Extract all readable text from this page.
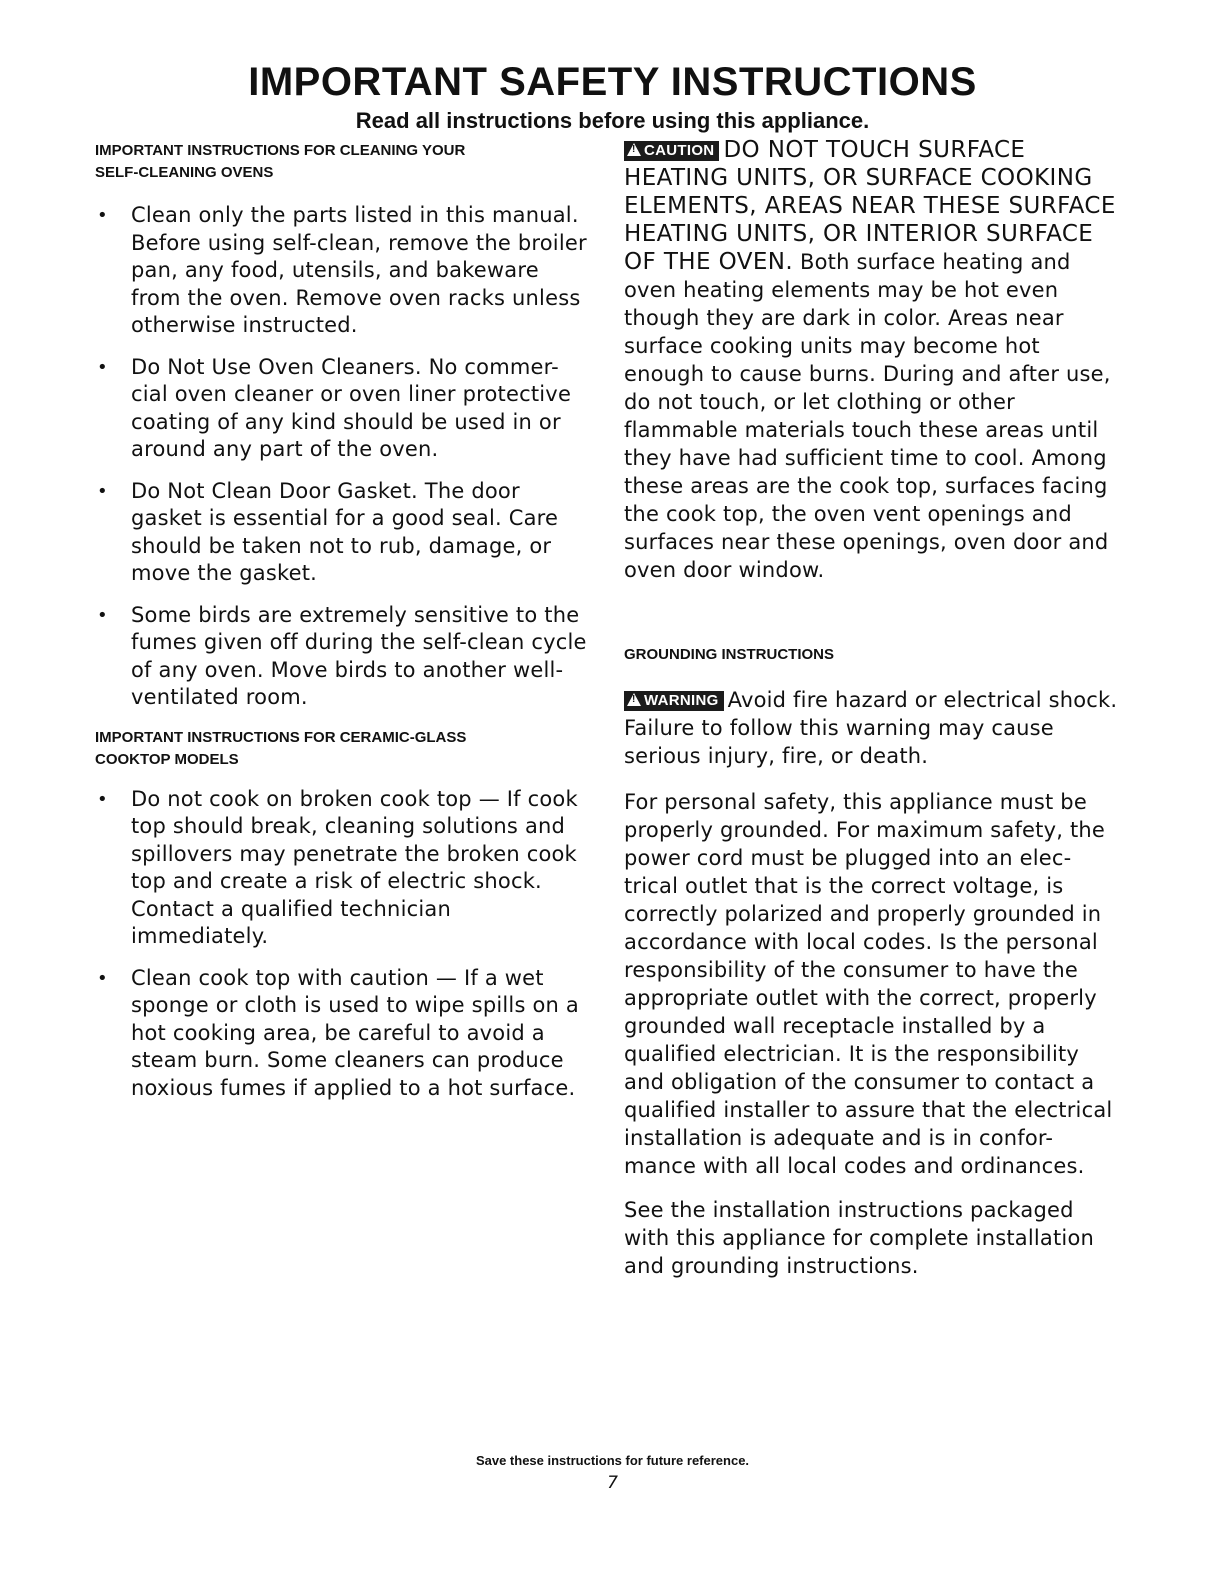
IMPORTANT SAFETY INSTRUCTIONS
Read all instructions before using this appliance.

IMPORTANT INSTRUCTIONS FOR CLEANING YOUR
SELF-CLEANING OVENS

• Clean only the parts listed in this manual. Before using self-clean, remove the broiler pan, any food, utensils, and bakeware from the oven. Remove oven racks unless otherwise instructed.
• Do Not Use Oven Cleaners. No commer-cial oven cleaner or oven liner protective coating of any kind should be used in or around any part of the oven.
• Do Not Clean Door Gasket. The door gasket is essential for a good seal. Care should be taken not to rub, damage, or move the gasket.
• Some birds are extremely sensitive to the fumes given off during the self-clean cycle of any oven. Move birds to another well-ventilated room.

IMPORTANT INSTRUCTIONS FOR CERAMIC-GLASS
COOKTOP MODELS

• Do not cook on broken cook top — If cook top should break, cleaning solutions and spillovers may penetrate the broken cook top and create a risk of electric shock. Contact a qualified technician immediately.
• Clean cook top with caution — If a wet sponge or cloth is used to wipe spills on a hot cooking area, be careful to avoid a steam burn. Some cleaners can produce noxious fumes if applied to a hot surface.

!CAUTION DO NOT TOUCH SURFACE HEATING UNITS, OR SURFACE COOKING ELEMENTS, AREAS NEAR THESE SURFACE HEATING UNITS, OR INTERIOR SURFACE OF THE OVEN. Both surface heating and oven heating elements may be hot even though they are dark in color. Areas near surface cooking units may become hot enough to cause burns. During and after use, do not touch, or let clothing or other flammable materials touch these areas until they have had sufficient time to cool. Among these areas are the cook top, surfaces facing the cook top, the oven vent openings and surfaces near these openings, oven door and oven door window.

GROUNDING INSTRUCTIONS

!WARNING Avoid fire hazard or electrical shock. Failure to follow this warning may cause serious injury, fire, or death.

For personal safety, this appliance must be properly grounded. For maximum safety, the power cord must be plugged into an elec-trical outlet that is the correct voltage, is correctly polarized and properly grounded in accordance with local codes. Is the personal responsibility of the consumer to have the appropriate outlet with the correct, properly grounded wall receptacle installed by a qualified electrician. It is the responsibility and obligation of the consumer to contact a qualified installer to assure that the electrical installation is adequate and is in confor-mance with all local codes and ordinances.

See the installation instructions packaged with this appliance for complete installation and grounding instructions.

Save these instructions for future reference.
7
